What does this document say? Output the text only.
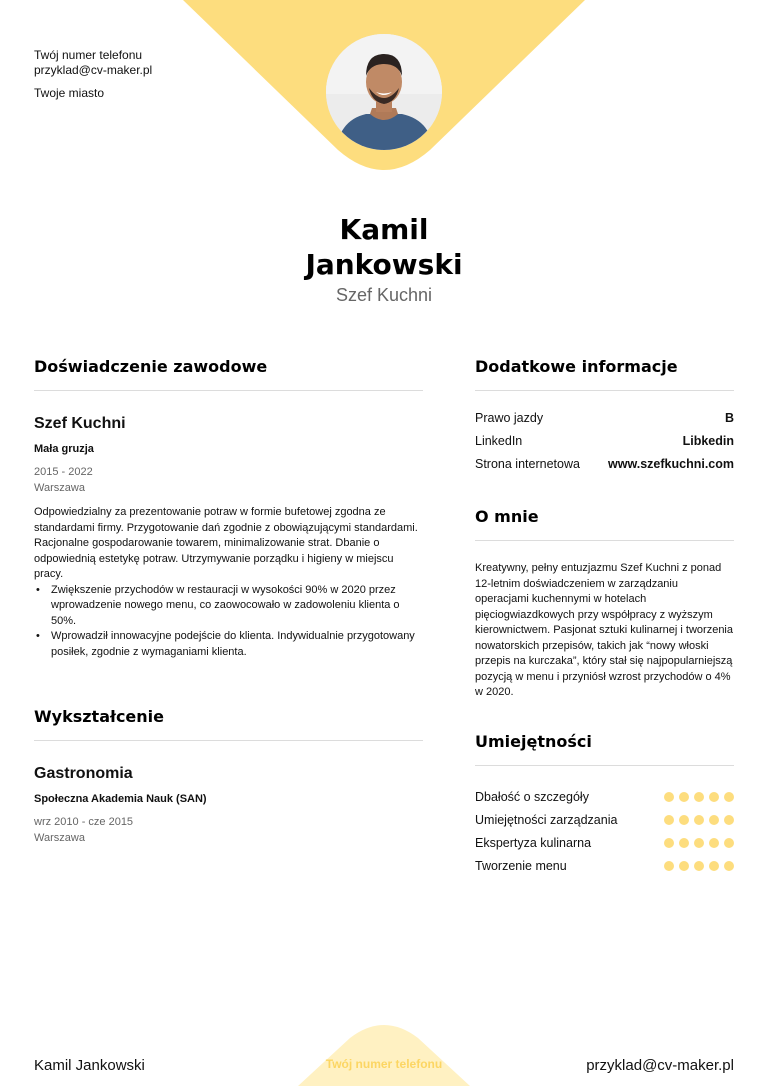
Twój numer telefonu
przyklad@cv-maker.pl
Twoje miasto
Kamil
Jankowski
Szef Kuchni
Doświadczenie zawodowe
Szef Kuchni
Mała gruzja
2015 - 2022
Warszawa
Odpowiedzialny za prezentowanie potraw w formie bufetowej zgodna ze standardami firmy. Przygotowanie dań zgodnie z obowiązującymi standardami. Racjonalne gospodarowanie towarem, minimalizowanie strat. Dbanie o odpowiednią estetykę potraw. Utrzymywanie porządku i higieny w miejscu pracy.
• Zwiększenie przychodów w restauracji w wysokości 90% w 2020 przez wprowadzenie nowego menu, co zaowocowało w zadowoleniu klienta o 50%.
• Wprowadził innowacyjne podejście do klienta. Indywidualnie przygotowany posiłek, zgodnie z wymaganiami klienta.
Wykształcenie
Gastronomia
Społeczna Akademia Nauk (SAN)
wrz 2010 - cze 2015
Warszawa
Dodatkowe informacje
Prawo jazdy	B
LinkedIn	Libkedin
Strona internetowa www.szefkuchni.com
O mnie
Kreatywny, pełny entuzjazmu Szef Kuchni z ponad 12-letnim doświadczeniem w zarządzaniu operacjami kuchennymi w hotelach pięciogwiazdkowych przy współpracy z wyższym kierownictwem. Pasjonat sztuki kulinarnej i tworzenia nowatorskich przepisów, takich jak “nowy włoski przepis na kurczaka”, który stał się najpopularniejszą pozycją w menu i przyniósł wzrost przychodów o 4% w 2020.
Umiejętności
Dbałość o szczegóły
Umiejętności zarządzania
Ekspertyza kulinarna
Tworzenie menu
Kamil Jankowski	Twój numer telefonu	przyklad@cv-maker.pl
